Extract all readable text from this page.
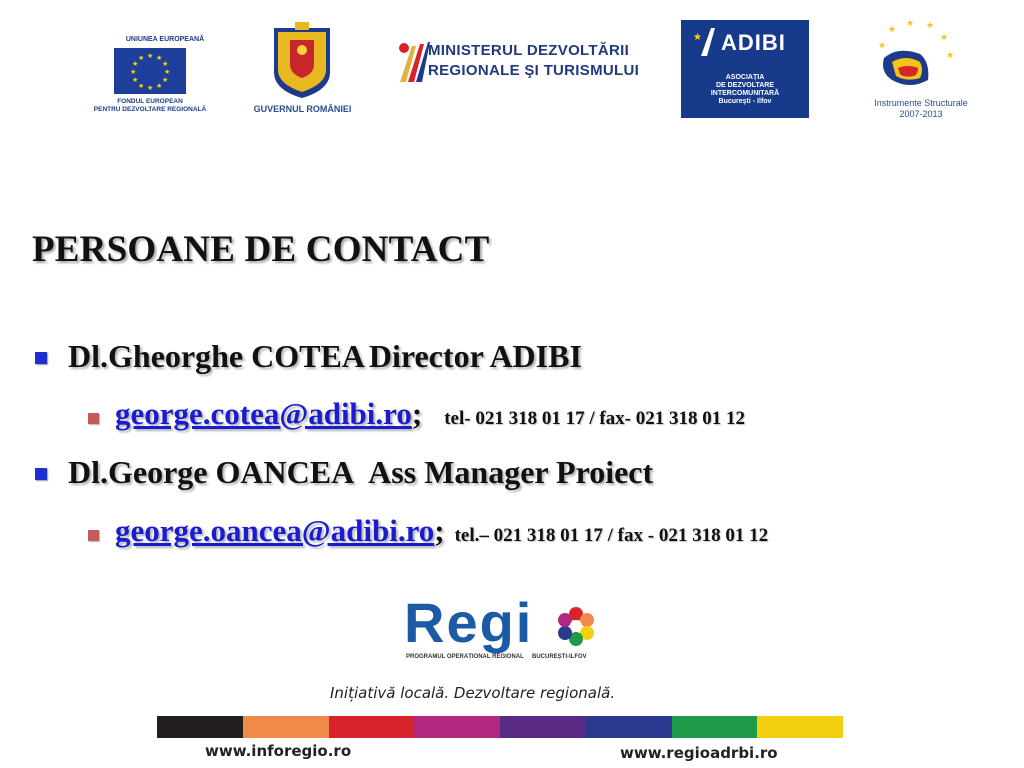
UNIUNEA EUROPEANĂ
★ ★
★
★
★
★
★
★
★
★
★
★
FONDUL EUROPEAN
PENTRU DEZVOLTARE REGIONALĂ	GUVERNUL ROMÂNIEI
MINISTERUL DEZVOLTĂRII
REGIONALE ŞI TURISMULUI
★ ADIBI
ASOCIAȚIA
DE DEZVOLTARE
INTERCOMUNITARĂ
Bucureşti - Ilfov
★
★ ★
★
★
★
Instrumente Structurale
2007-2013
PERSOANE DE CONTACT
Dl.Gheorghe COTEA Director ADIBI
george.cotea@adibi.ro; tel- 021 318 01 17 / fax- 021 318 01 12
Dl.George OANCEA Ass Manager Proiect
george.oancea@adibi.ro; tel.– 021 318 01 17 / fax - 021 318 01 12
Regi
PROGRAMUL OPERAȚIONAL REGIONAL BUCUREȘTI-ILFOV
Inițiativă locală. Dezvoltare regională.
www.inforegio.ro	www.regioadrbi.ro
